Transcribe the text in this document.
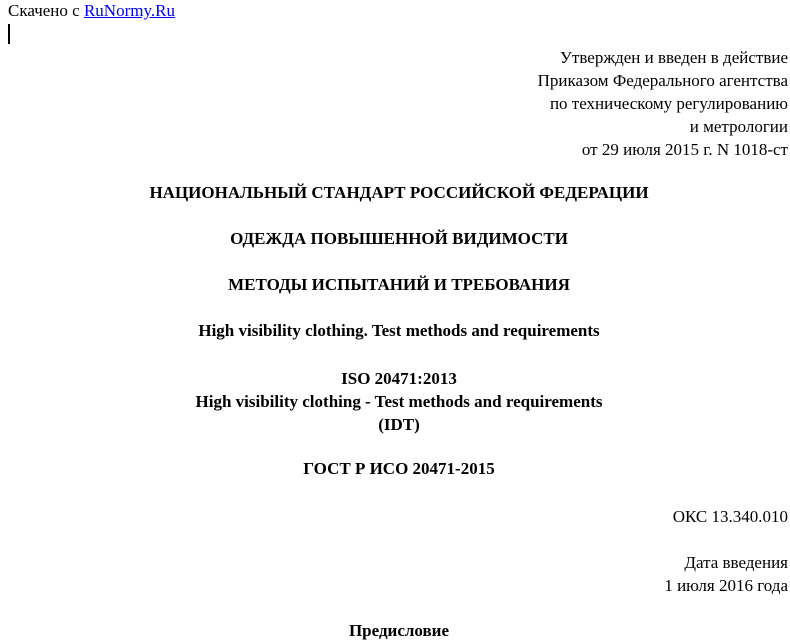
Скачено с RuNormy.Ru
Утвержден и введен в действие
Приказом Федерального агентства
по техническому регулированию
и метрологии
от 29 июля 2015 г. N 1018-ст
НАЦИОНАЛЬНЫЙ СТАНДАРТ РОССИЙСКОЙ ФЕДЕРАЦИИ
ОДЕЖДА ПОВЫШЕННОЙ ВИДИМОСТИ
МЕТОДЫ ИСПЫТАНИЙ И ТРЕБОВАНИЯ
High visibility clothing. Test methods and requirements
ISO 20471:2013
High visibility clothing - Test methods and requirements
(IDT)
ГОСТ Р ИСО 20471-2015
ОКС 13.340.010
Дата введения
1 июля 2016 года
Предисловие
